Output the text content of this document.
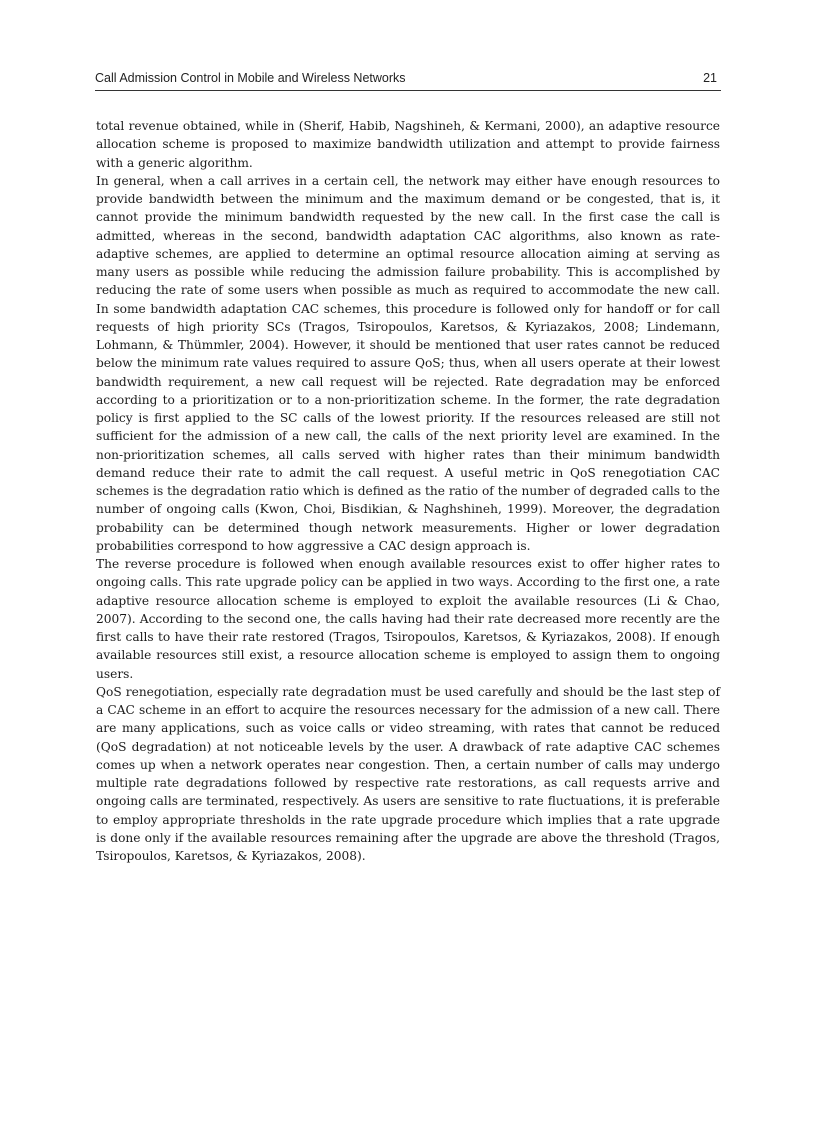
Call Admission Control in Mobile and Wireless Networks	21

total revenue obtained, while in (Sherif, Habib, Nagshineh, & Kermani, 2000), an adaptive resource allocation scheme is proposed to maximize bandwidth utilization and attempt to provide fairness with a generic algorithm.

In general, when a call arrives in a certain cell, the network may either have enough resources to provide bandwidth between the minimum and the maximum demand or be congested, that is, it cannot provide the minimum bandwidth requested by the new call. In the first case the call is admitted, whereas in the second, bandwidth adaptation CAC algorithms, also known as rate-adaptive schemes, are applied to determine an optimal resource allocation aiming at serving as many users as possible while reducing the admission failure probability. This is accomplished by reducing the rate of some users when possible as much as required to accommodate the new call. In some bandwidth adaptation CAC schemes, this procedure is followed only for handoff or for call requests of high priority SCs (Tragos, Tsiropoulos, Karetsos, & Kyriazakos, 2008; Lindemann, Lohmann, & Thümmler, 2004). However, it should be mentioned that user rates cannot be reduced below the minimum rate values required to assure QoS; thus, when all users operate at their lowest bandwidth requirement, a new call request will be rejected. Rate degradation may be enforced according to a prioritization or to a non-prioritization scheme. In the former, the rate degradation policy is first applied to the SC calls of the lowest priority. If the resources released are still not sufficient for the admission of a new call, the calls of the next priority level are examined. In the non-prioritization schemes, all calls served with higher rates than their minimum bandwidth demand reduce their rate to admit the call request. A useful metric in QoS renegotiation CAC schemes is the degradation ratio which is defined as the ratio of the number of degraded calls to the number of ongoing calls (Kwon, Choi, Bisdikian, & Naghshineh, 1999). Moreover, the degradation probability can be determined though network measurements. Higher or lower degradation probabilities correspond to how aggressive a CAC design approach is.

The reverse procedure is followed when enough available resources exist to offer higher rates to ongoing calls. This rate upgrade policy can be applied in two ways. According to the first one, a rate adaptive resource allocation scheme is employed to exploit the available resources (Li & Chao, 2007). According to the second one, the calls having had their rate decreased more recently are the first calls to have their rate restored (Tragos, Tsiropoulos, Karetsos, & Kyriazakos, 2008). If enough available resources still exist, a resource allocation scheme is employed to assign them to ongoing users.

QoS renegotiation, especially rate degradation must be used carefully and should be the last step of a CAC scheme in an effort to acquire the resources necessary for the admission of a new call. There are many applications, such as voice calls or video streaming, with rates that cannot be reduced (QoS degradation) at not noticeable levels by the user. A drawback of rate adaptive CAC schemes comes up when a network operates near congestion. Then, a certain number of calls may undergo multiple rate degradations followed by respective rate restorations, as call requests arrive and ongoing calls are terminated, respectively. As users are sensitive to rate fluctuations, it is preferable to employ appropriate thresholds in the rate upgrade procedure which implies that a rate upgrade is done only if the available resources remaining after the upgrade are above the threshold (Tragos, Tsiropoulos, Karetsos, & Kyriazakos, 2008).
